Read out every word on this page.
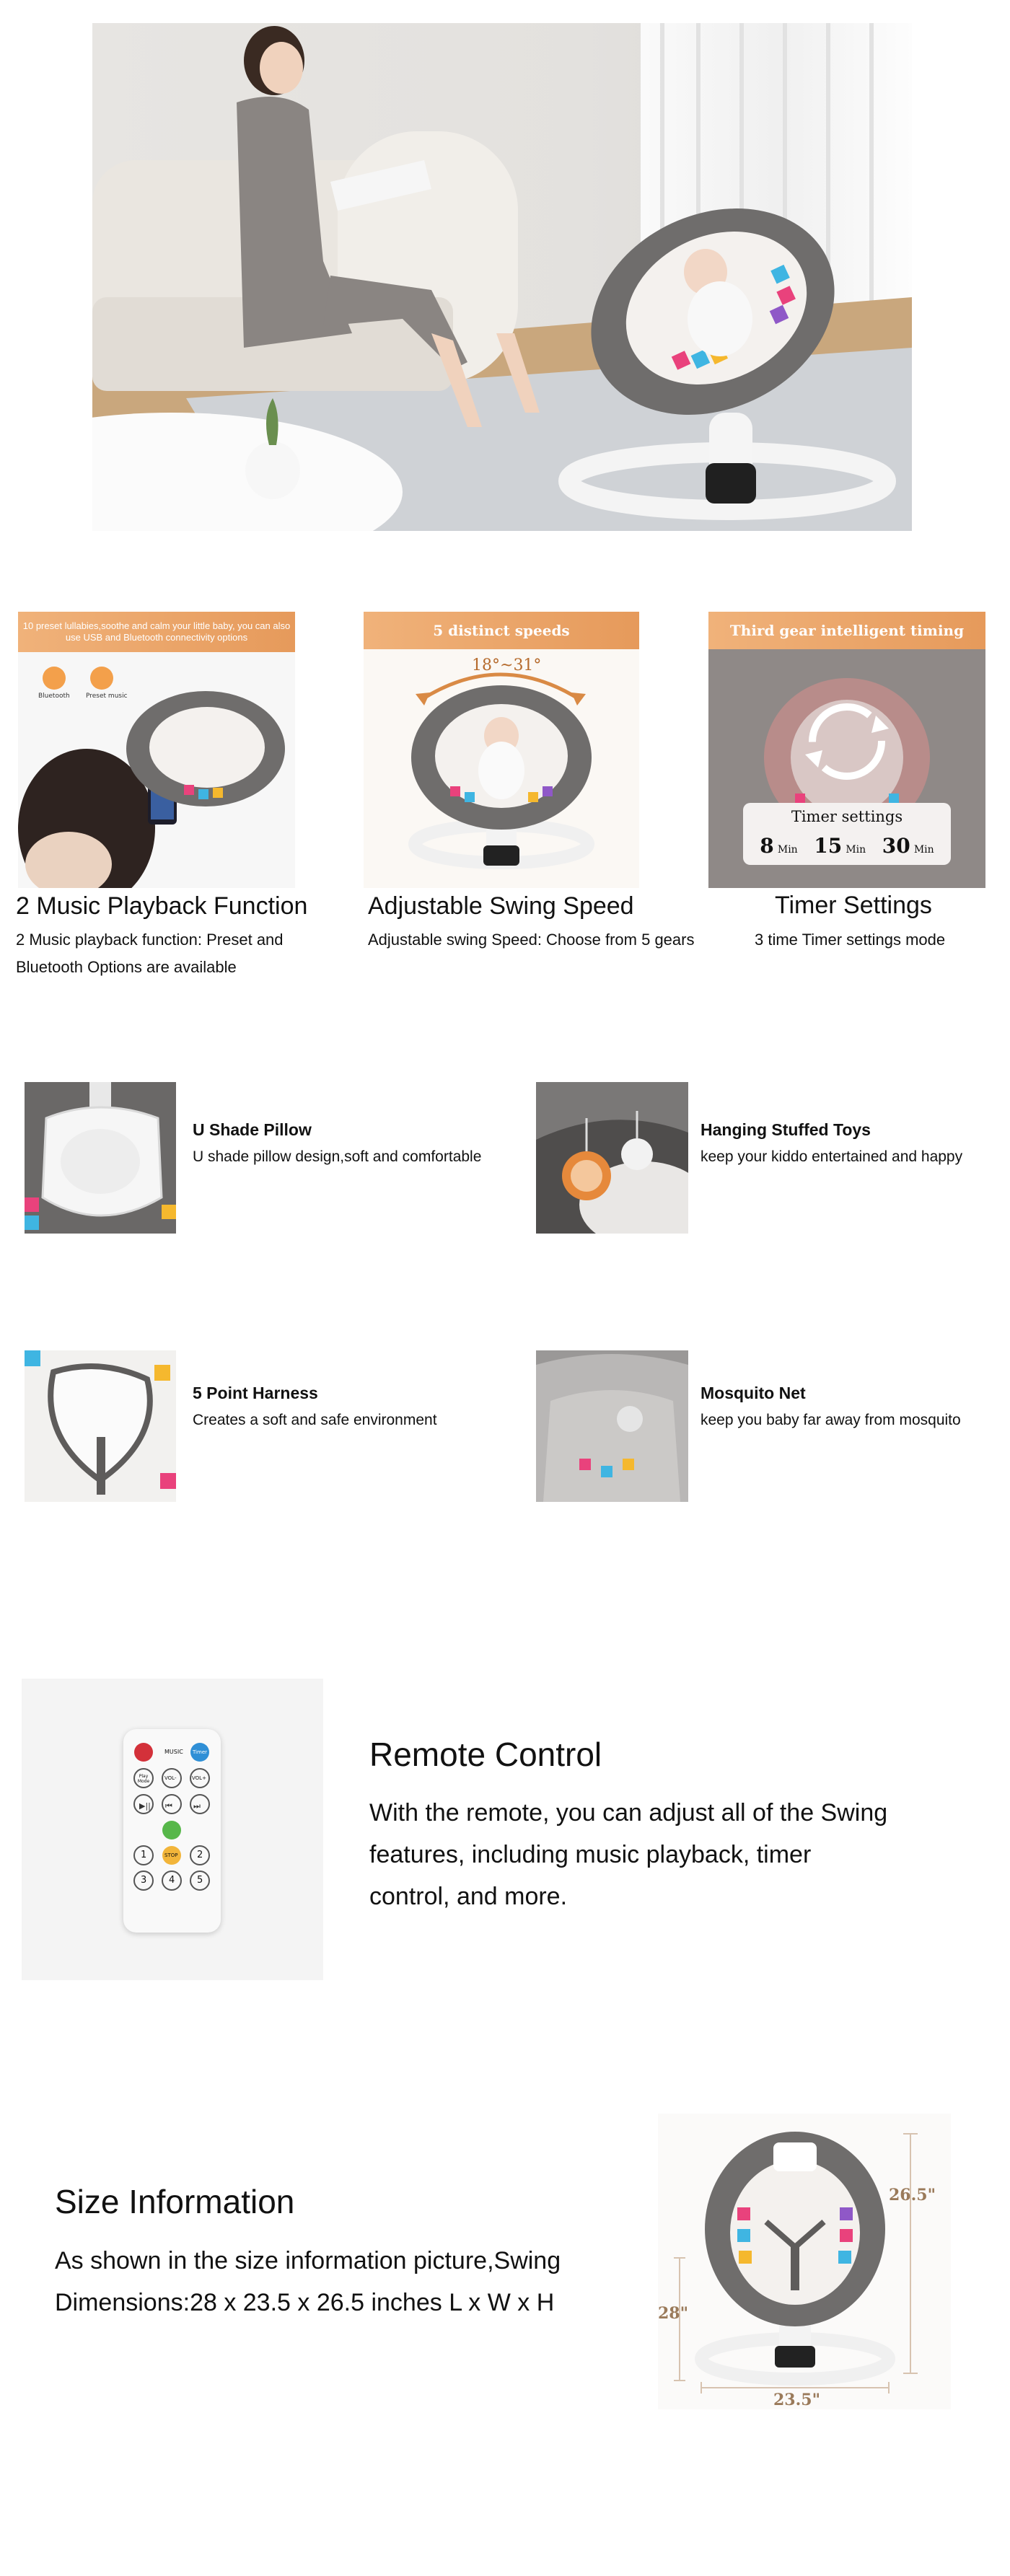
10 preset lullabies,soothe and calm your little baby, you can also use USB and Bluetooth connectivity options
Bluetooth Preset music
2 Music Playback Function
2 Music playback function: Preset and Bluetooth Options are available
5 distinct speeds
18°~31°
Adjustable Swing Speed
Adjustable swing Speed: Choose from 5 gears
Third gear intelligent timing
Timer settings
8 Min 15 Min 30 Min
Timer Settings
3 time Timer settings mode
U Shade Pillow
U shade pillow design,soft and comfortable
Hanging Stuffed Toys
keep your kiddo entertained and happy
5 Point Harness
Creates a soft and safe environment
Mosquito Net
keep you baby far away from mosquito
▶|| ⏮	⏭
MUSIC Timer
Play Mode
VOL-	VOL+
STOP
1	2
3 4 5
Remote Control
With the remote, you can adjust all of the Swing features, including music playback, timer control, and more.
Size Information
As shown in the size information picture,Swing Dimensions:28 x 23.5 x 26.5 inches L x W x H
26.5"
28"
23.5"
